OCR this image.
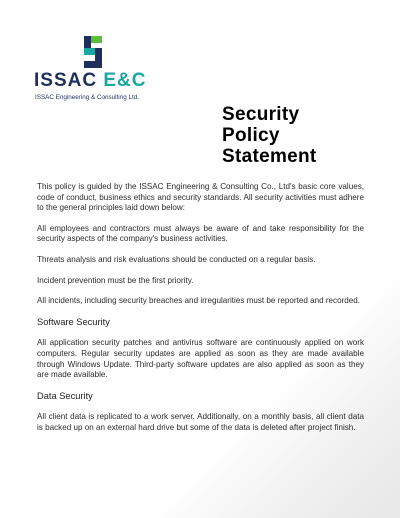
ISSAC E&C
ISSAC Engineering & Consulting Ltd.
Security
Policy
Statement

This policy is guided by the ISSAC Engineering & Consulting Co., Ltd's basic core values, code of conduct, business ethics and security standards. All security activities must adhere to the general principles laid down below:

All employees and contractors must always be aware of and take responsibility for the security aspects of the company's business activities.

Threats analysis and risk evaluations should be conducted on a regular basis.

Incident prevention must be the first priority.

All incidents, including security breaches and irregularities must be reported and recorded.

Software Security

All application security patches and antivirus software are continuously applied on work computers. Regular security updates are applied as soon as they are made available through Windows Update. Third-party software updates are also applied as soon as they are made available.

Data Security

All client data is replicated to a work server. Additionally, on a monthly basis, all client data is backed up on an external hard drive but some of the data is deleted after project finish.
